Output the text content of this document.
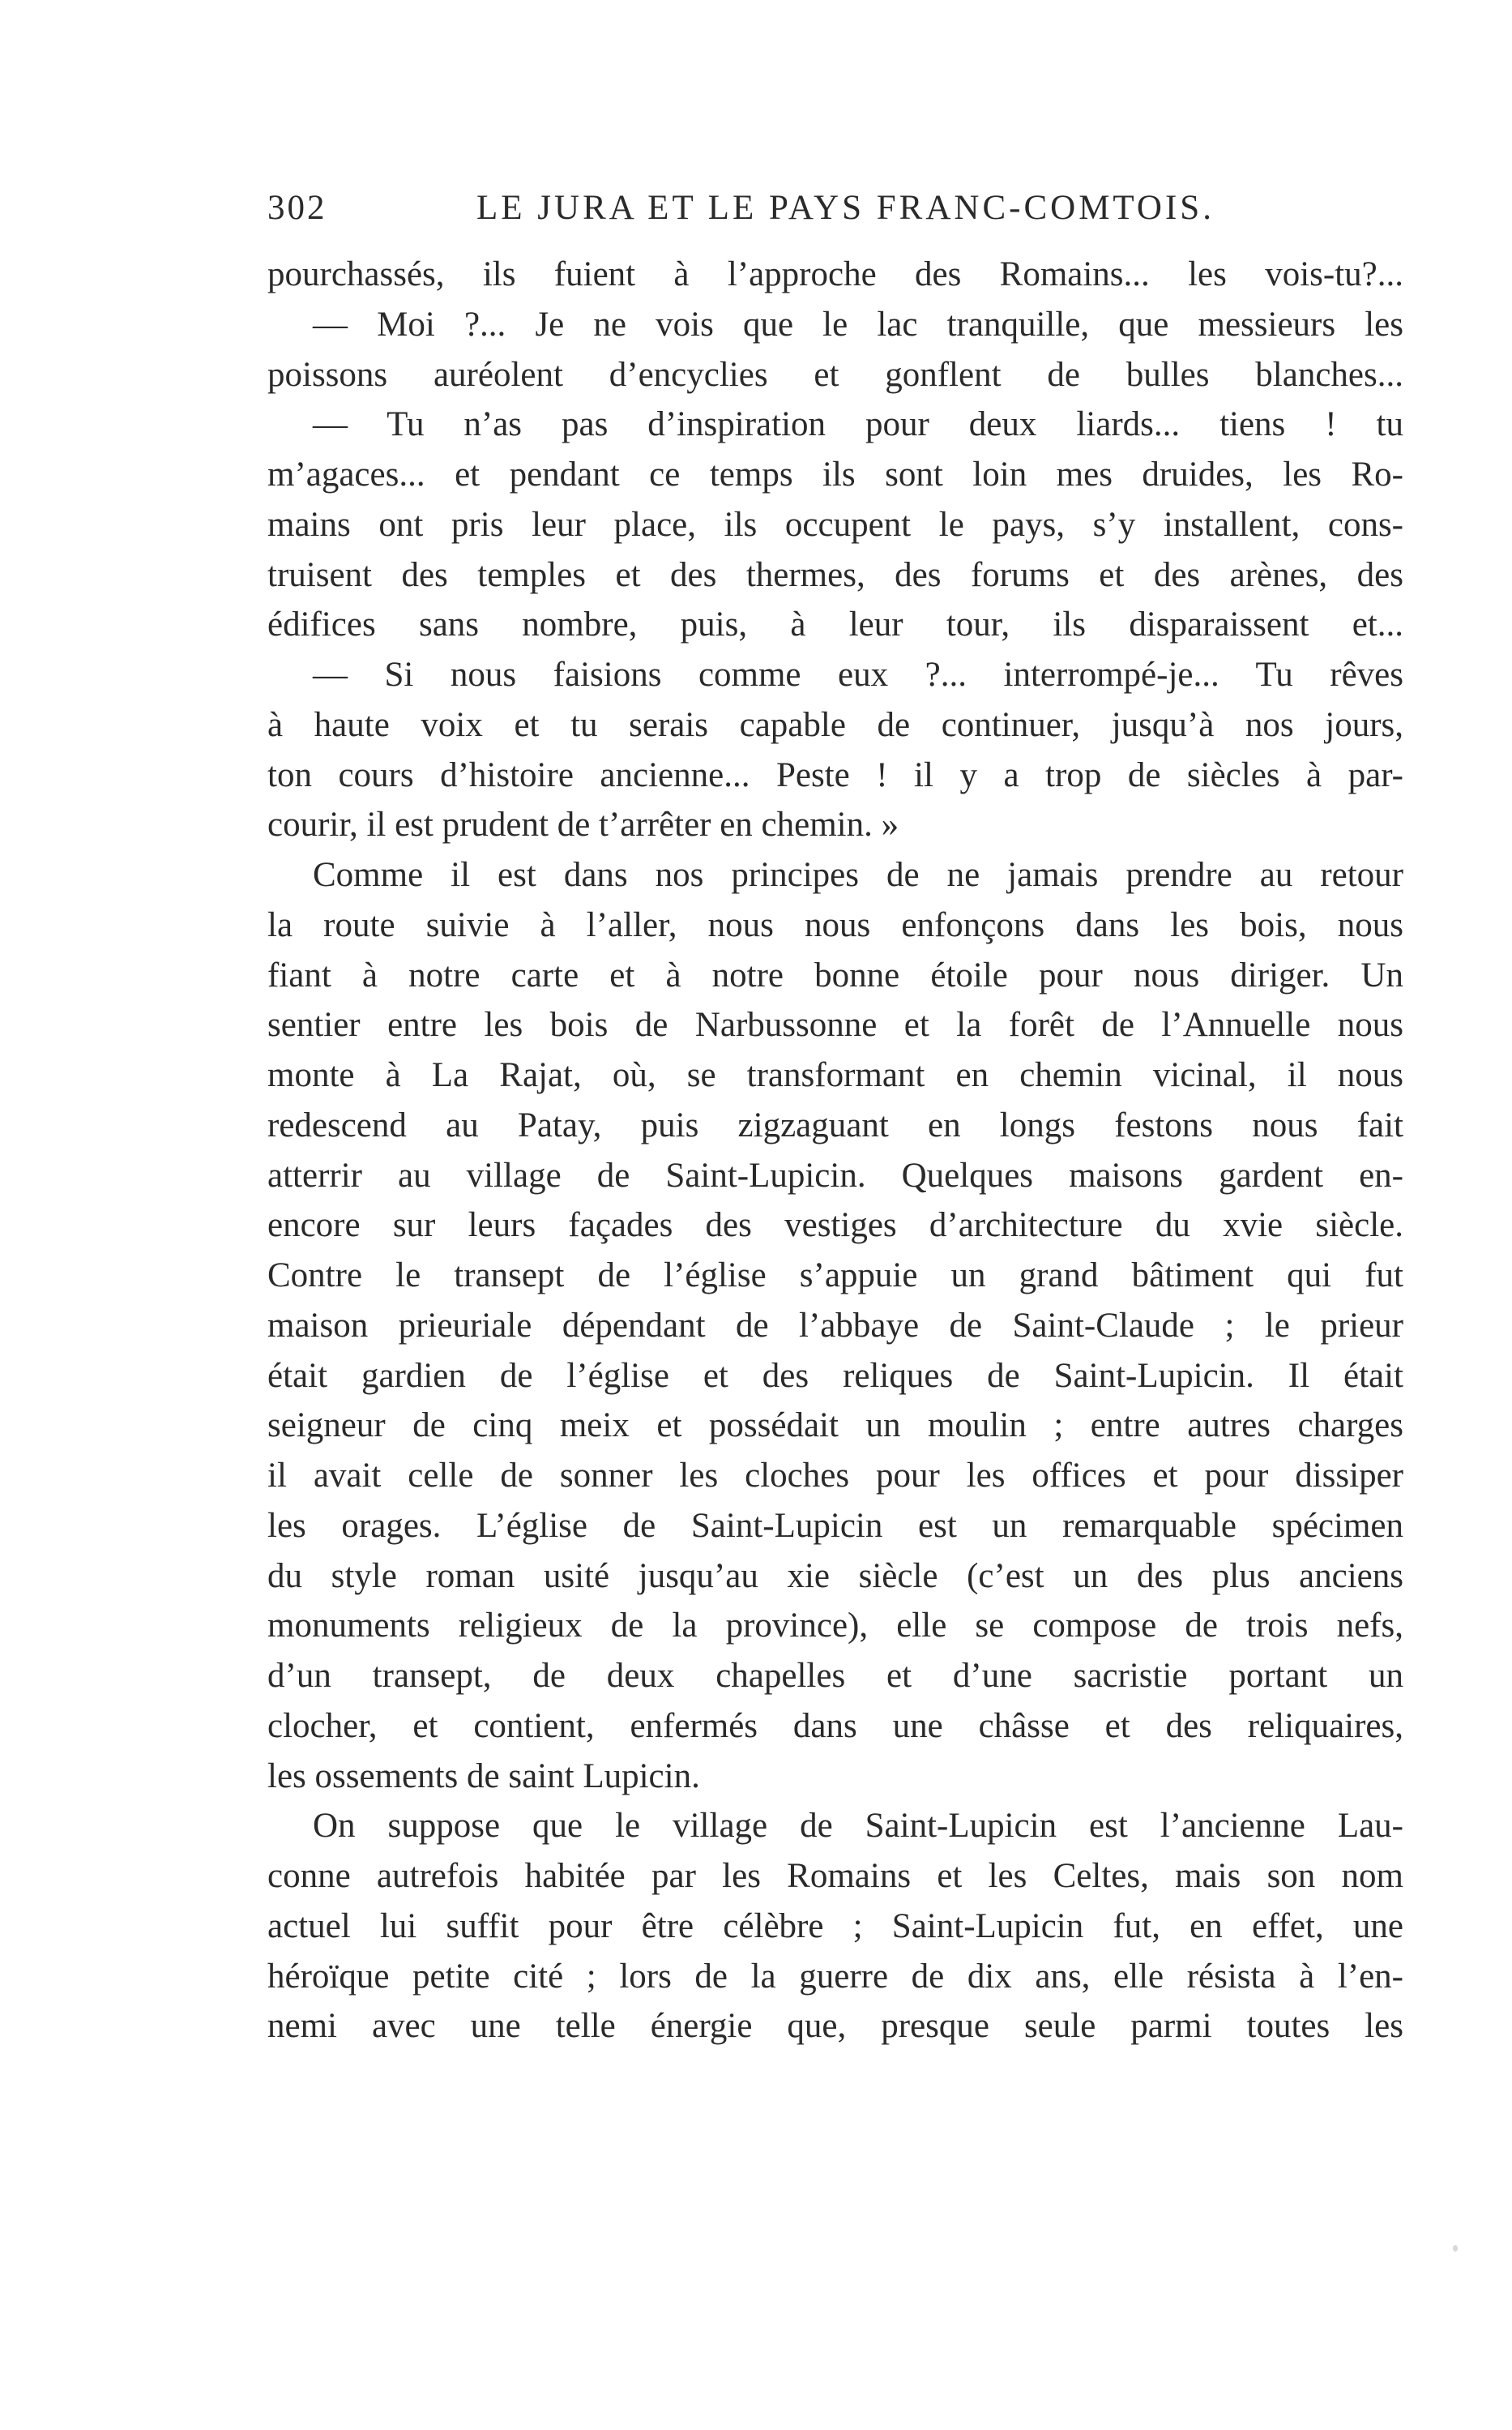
302	LE JURA ET LE PAYS FRANC-COMTOIS.
pourchassés, ils fuient à l’approche des Romains... les vois-tu?...
— Moi ?... Je ne vois que le lac tranquille, que messieurs les
poissons auréolent d’encyclies et gonflent de bulles blanches...
— Tu n’as pas d’inspiration pour deux liards... tiens ! tu
m’agaces... et pendant ce temps ils sont loin mes druides, les Ro-
mains ont pris leur place, ils occupent le pays, s’y installent, cons-
truisent des temples et des thermes, des forums et des arènes, des
édifices sans nombre, puis, à leur tour, ils disparaissent et...
— Si nous faisions comme eux ?... interrompé-je... Tu rêves
à haute voix et tu serais capable de continuer, jusqu’à nos jours,
ton cours d’histoire ancienne... Peste ! il y a trop de siècles à par-
courir, il est prudent de t’arrêter en chemin. »
Comme il est dans nos principes de ne jamais prendre au retour
la route suivie à l’aller, nous nous enfonçons dans les bois, nous
fiant à notre carte et à notre bonne étoile pour nous diriger. Un
sentier entre les bois de Narbussonne et la forêt de l’Annuelle nous
monte à La Rajat, où, se transformant en chemin vicinal, il nous
redescend au Patay, puis zigzaguant en longs festons nous fait
atterrir au village de Saint-Lupicin. Quelques maisons gardent en-
encore sur leurs façades des vestiges d’architecture du xvie siècle.
Contre le transept de l’église s’appuie un grand bâtiment qui fut
maison prieuriale dépendant de l’abbaye de Saint-Claude ; le prieur
était gardien de l’église et des reliques de Saint-Lupicin. Il était
seigneur de cinq meix et possédait un moulin ; entre autres charges
il avait celle de sonner les cloches pour les offices et pour dissiper
les orages. L’église de Saint-Lupicin est un remarquable spécimen
du style roman usité jusqu’au xie siècle (c’est un des plus anciens
monuments religieux de la province), elle se compose de trois nefs,
d’un transept, de deux chapelles et d’une sacristie portant un
clocher, et contient, enfermés dans une châsse et des reliquaires,
les ossements de saint Lupicin.
On suppose que le village de Saint-Lupicin est l’ancienne Lau-
conne autrefois habitée par les Romains et les Celtes, mais son nom
actuel lui suffit pour être célèbre ; Saint-Lupicin fut, en effet, une
héroïque petite cité ; lors de la guerre de dix ans, elle résista à l’en-
nemi avec une telle énergie que, presque seule parmi toutes les
